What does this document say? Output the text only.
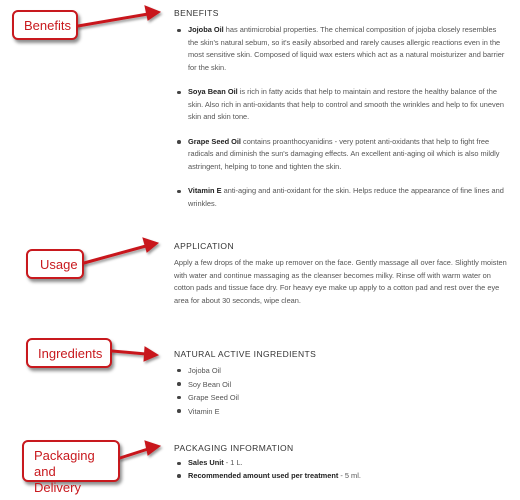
Benefits
Usage
Ingredients
Packaging and
Delivery
BENEFITS
Jojoba Oil has antimicrobial properties. The chemical composition of jojoba closely resembles the skin's natural sebum, so it's easily absorbed and rarely causes allergic reactions even in the most sensitive skin. Composed of liquid wax esters which act as a natural moisturizer and barrier for the skin.
Soya Bean Oil is rich in fatty acids that help to maintain and restore the healthy balance of the skin. Also rich in anti-oxidants that help to control and smooth the wrinkles and help to fix uneven skin and skin tone.
Grape Seed Oil contains proanthocyanidins - very potent anti-oxidants that help to fight free radicals and diminish the sun's damaging effects. An excellent anti-aging oil which is also mildly astringent, helping to tone and tighten the skin.
Vitamin E anti-aging and anti-oxidant for the skin. Helps reduce the appearance of fine lines and wrinkles.
APPLICATION

Apply a few drops of the make up remover on the face. Gently massage all over face. Slightly moisten with water and continue massaging as the cleanser becomes milky. Rinse off with warm water on cotton pads and tissue face dry. For heavy eye make up apply to a cotton pad and rest over the eye area for about 30 seconds, wipe clean.

NATURAL ACTIVE INGREDIENTS
Jojoba Oil
Soy Bean Oil
Grape Seed Oil
Vitamin E
PACKAGING INFORMATION
Sales Unit - 1 L.
Recommended amount used per treatment - 5 ml.
